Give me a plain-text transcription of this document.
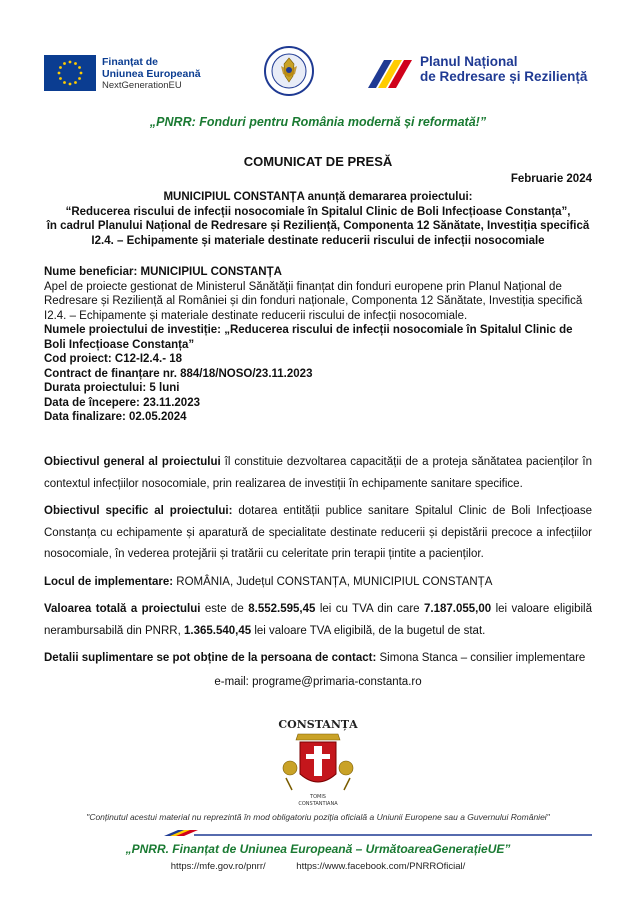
Finanțat de
Uniunea Europeană
NextGenerationEU
Planul Național
de Redresare și Reziliență
„PNRR: Fonduri pentru România modernă și reformată!”
COMUNICAT DE PRESĂ
Februarie 2024
MUNICIPIUL CONSTANȚA anunță demararea proiectului:
“Reducerea riscului de infecții nosocomiale în Spitalul Clinic de Boli Infecțioase Constanța”,
în cadrul Planului Național de Redresare și Reziliență, Componenta 12 Sănătate, Investiția specifică
I2.4. – Echipamente și materiale destinate reducerii riscului de infecții nosocomiale

Nume beneficiar: MUNICIPIUL CONSTANȚA

Apel de proiecte gestionat de Ministerul Sănătății finanțat din fonduri europene prin Planul Național de Redresare și Reziliență al României și din fonduri naționale, Componenta 12 Sănătate, Investiția specifică I2.4. – Echipamente și materiale destinate reducerii riscului de infecții nosocomiale.

Numele proiectului de investiție: „Reducerea riscului de infecții nosocomiale în Spitalul Clinic de Boli Infecțioase Constanța”

Cod proiect: C12-I2.4.- 18

Contract de finanțare nr. 884/18/NOSO/23.11.2023

Durata proiectului: 5 luni

Data de începere: 23.11.2023

Data finalizare: 02.05.2024

Obiectivul general al proiectului îl constituie dezvoltarea capacității de a proteja sănătatea pacienților în contextul infecțiilor nosocomiale, prin realizarea de investiții în echipamente sanitare specifice.

Obiectivul specific al proiectului: dotarea entității publice sanitare Spitalul Clinic de Boli Infecțioase Constanța cu echipamente și aparatură de specialitate destinate reducerii și depistării precoce a infecțiilor nosocomiale, în vederea protejării și tratării cu celeritate prin terapii țintite a pacienților.

Locul de implementare: ROMÂNIA, Județul CONSTANȚA, MUNICIPIUL CONSTANȚA

Valoarea totală a proiectului este de 8.552.595,45 lei cu TVA din care 7.187.055,00 lei valoare eligibilă nerambursabilă din PNRR, 1.365.540,45 lei valoare TVA eligibilă, de la bugetul de stat.

Detalii suplimentare se pot obține de la persoana de contact: Simona Stanca – consilier implementare

e-mail: programe@primaria-constanta.ro
CONSTANȚA
TOMIS
CONSTANTIANA
"Conținutul acestui material nu reprezintă în mod obligatoriu poziția oficială a Uniunii Europene sau a Guvernului României"
„PNRR. Finanțat de Uniunea Europeană – UrmătoareaGenerațieUE”
https://mfe.gov.ro/pnrr/	https://www.facebook.com/PNRROficial/
